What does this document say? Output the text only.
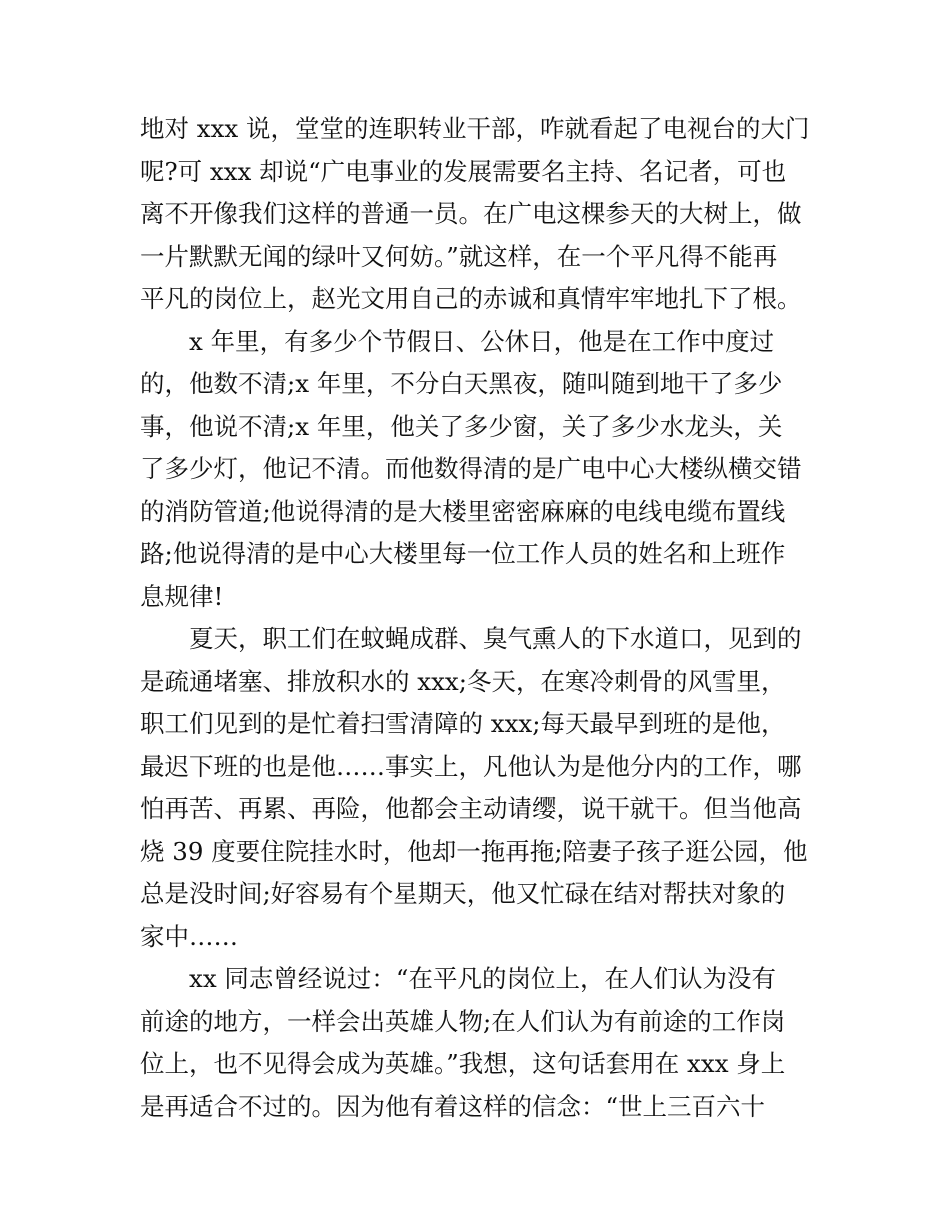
地对 xxx 说，堂堂的连职转业干部，咋就看起了电视台的大门
呢?可 xxx 却说“广电事业的发展需要名主持、名记者，可也
离不开像我们这样的普通一员。在广电这棵参天的大树上，做
一片默默无闻的绿叶又何妨。”就这样，在一个平凡得不能再
平凡的岗位上，赵光文用自己的赤诚和真情牢牢地扎下了根。
x 年里，有多少个节假日、公休日，他是在工作中度过
的，他数不清;x 年里，不分白天黑夜，随叫随到地干了多少
事，他说不清;x 年里，他关了多少窗，关了多少水龙头，关
了多少灯，他记不清。而他数得清的是广电中心大楼纵横交错
的消防管道;他说得清的是大楼里密密麻麻的电线电缆布置线
路;他说得清的是中心大楼里每一位工作人员的姓名和上班作
息规律!
夏天，职工们在蚊蝇成群、臭气熏人的下水道口，见到的
是疏通堵塞、排放积水的 xxx;冬天，在寒冷刺骨的风雪里，
职工们见到的是忙着扫雪清障的 xxx;每天最早到班的是他，
最迟下班的也是他……事实上，凡他认为是他分内的工作，哪
怕再苦、再累、再险，他都会主动请缨，说干就干。但当他高
烧 39 度要住院挂水时，他却一拖再拖;陪妻子孩子逛公园，他
总是没时间;好容易有个星期天，他又忙碌在结对帮扶对象的
家中……
xx 同志曾经说过：“在平凡的岗位上，在人们认为没有
前途的地方，一样会出英雄人物;在人们认为有前途的工作岗
位上，也不见得会成为英雄。”我想，这句话套用在 xxx 身上
是再适合不过的。因为他有着这样的信念：“世上三百六十
